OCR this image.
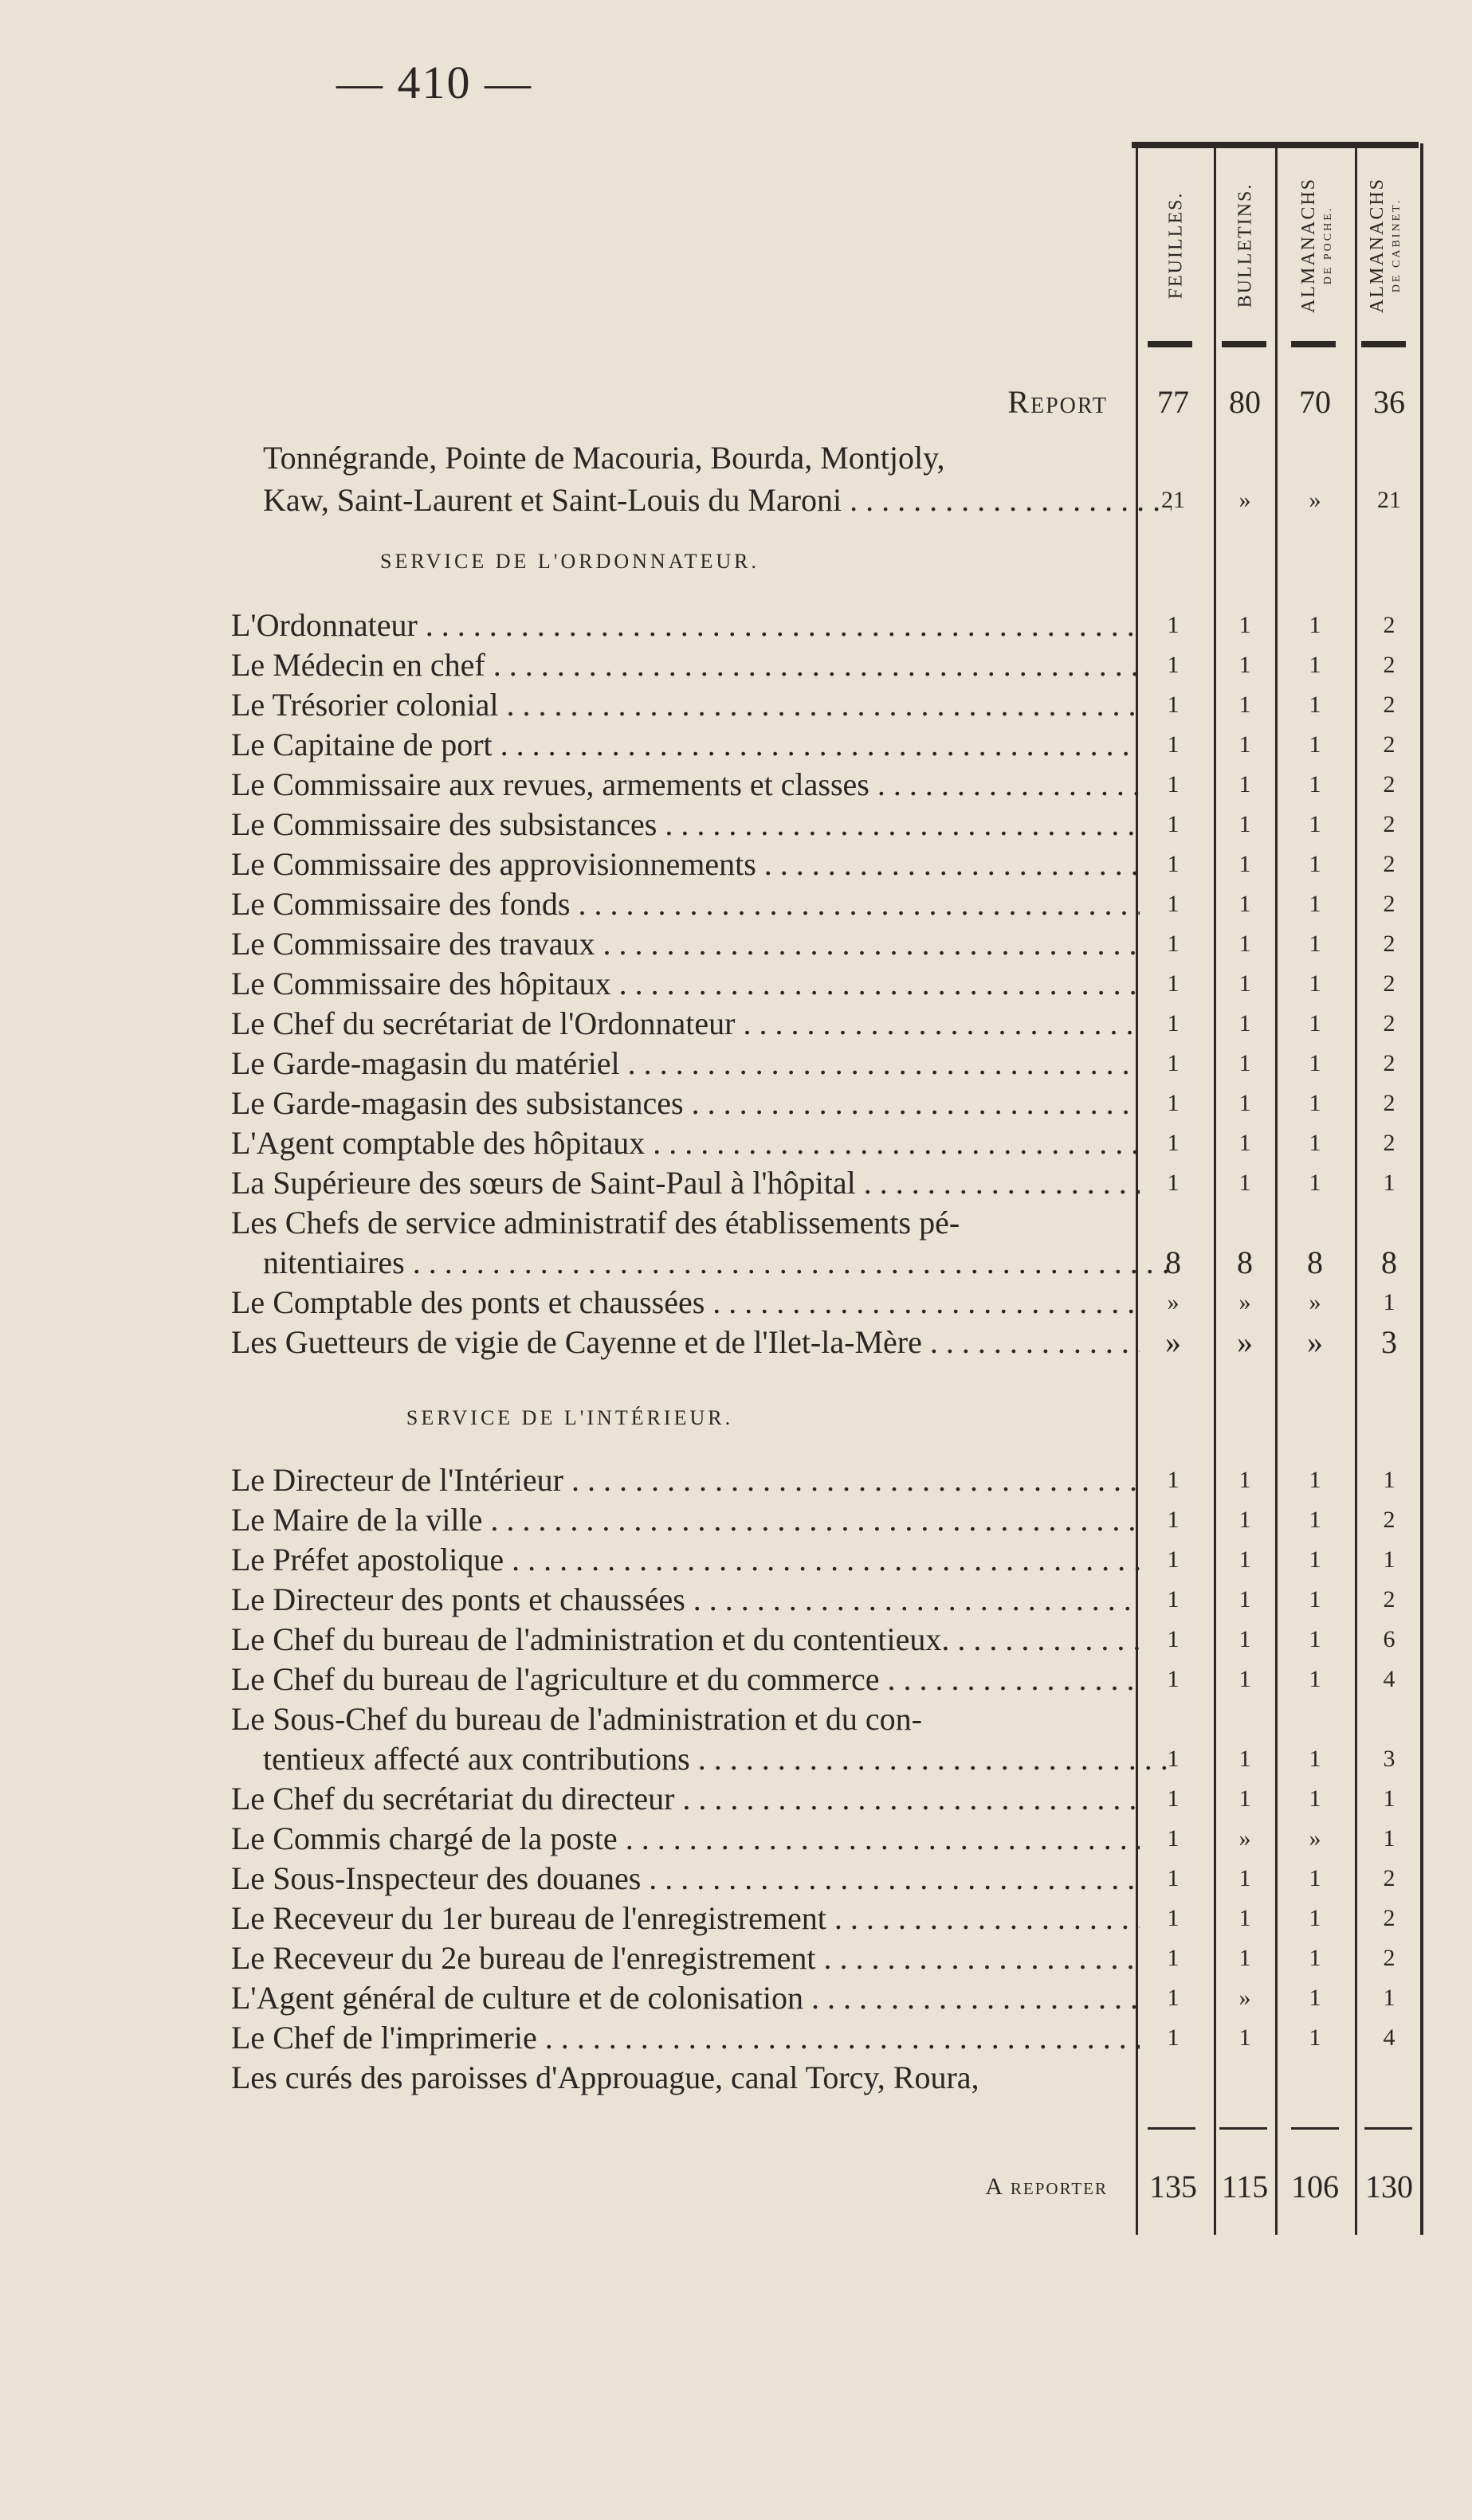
— 410 —
FEUILLES.	BULLETINS. ALMANACHS DE POCHE. ALMANACHS DE CABINET.
Report	77	80	70	36
Tonnégrande, Pointe de Macouria, Bourda, Montjoly,
Kaw, Saint-Laurent et Saint-Louis du Maroni . . .	21	»	»	21
SERVICE DE L'ORDONNATEUR.
L'Ordonnateur . . .	1	1	1	2
Le Médecin en chef . . .	1	1	1	2
Le Trésorier colonial . . .	1	1	1	2
Le Capitaine de port . . .	1	1	1	2
Le Commissaire aux revues, armements et classes . . .	1	1	1	2
Le Commissaire des subsistances . . .	1	1	1	2
Le Commissaire des approvisionnements . . .	1	1	1	2
Le Commissaire des fonds . . .	1	1	1	2
Le Commissaire des travaux . . .	1	1	1	2
Le Commissaire des hôpitaux . . .	1	1	1	2
Le Chef du secrétariat de l'Ordonnateur . . .	1	1	1	2
Le Garde-magasin du matériel . . .	1	1	1	2
Le Garde-magasin des subsistances . . .	1	1	1	2
L'Agent comptable des hôpitaux . . .	1	1	1	2
La Supérieure des sœurs de Saint-Paul à l'hôpital . . .	1	1	1	1
Les Chefs de service administratif des établissements pé-
nitentiaires . . .	8	8	8	8
Le Comptable des ponts et chaussées . . .	»	»	»	1
Les Guetteurs de vigie de Cayenne et de l'Ilet-la-Mère . . .	»	»	»	3
SERVICE DE L'INTÉRIEUR.
Le Directeur de l'Intérieur . . .	1	1	1	1
Le Maire de la ville . . .	1	1	1	2
Le Préfet apostolique . . .	1	1	1	1
Le Directeur des ponts et chaussées . . .	1	1	1	2
Le Chef du bureau de l'administration et du contentieux. . . .	1	1	1	6
Le Chef du bureau de l'agriculture et du commerce . . .	1	1	1	4
Le Sous-Chef du bureau de l'administration et du con-
tentieux affecté aux contributions . . .	1	1	1	3
Le Chef du secrétariat du directeur . . .	1	1	1	1
Le Commis chargé de la poste . . .	1	»	»	1
Le Sous-Inspecteur des douanes . . .	1	1	1	2
Le Receveur du 1er bureau de l'enregistrement . . .	1	1	1	2
Le Receveur du 2e bureau de l'enregistrement . . .	1	1	1	2
L'Agent général de culture et de colonisation . . .	1	»	1	1
Le Chef de l'imprimerie . . .	1	1	1	4
Les curés des paroisses d'Approuague, canal Torcy, Roura,
A reporter 135 115 106 130
